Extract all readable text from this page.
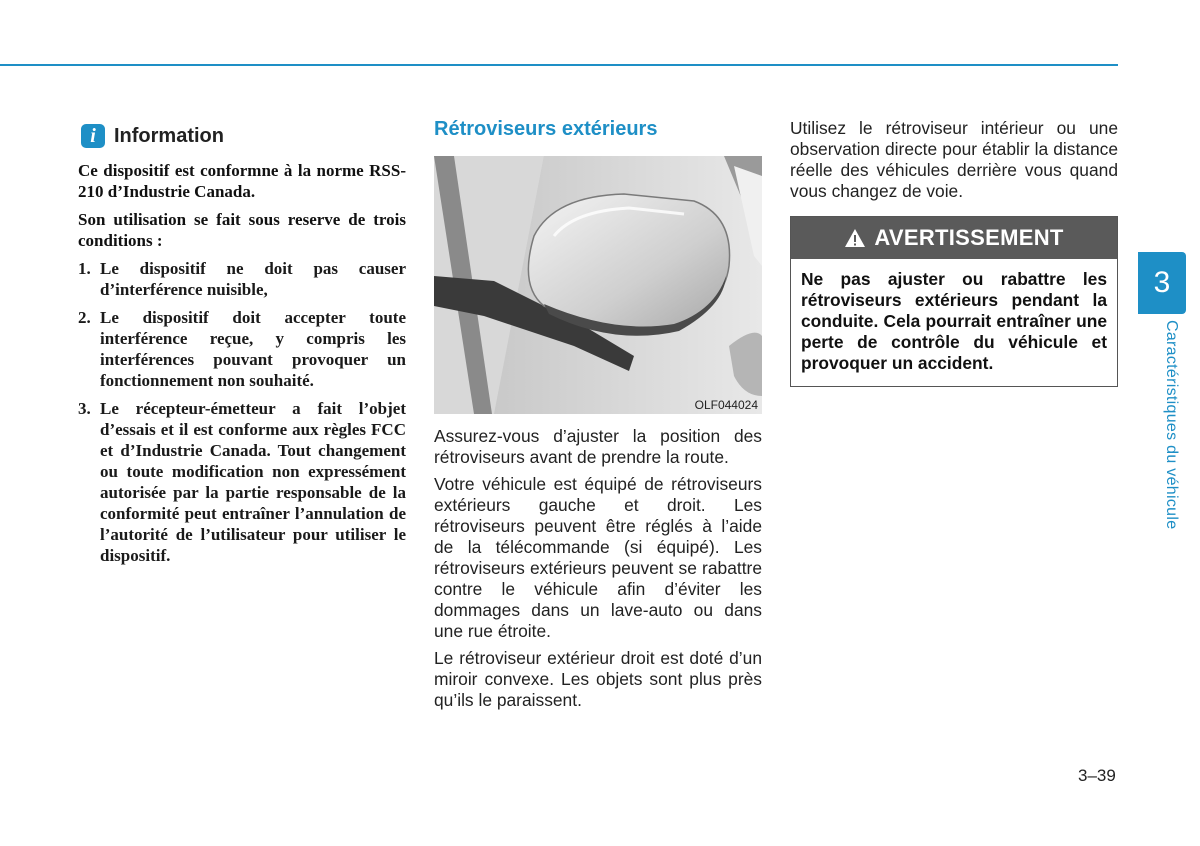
i Information

Ce dispositif est conformne à la norme RSS-210 d’Industrie Canada.

Son utilisation se fait sous reserve de trois conditions :

1. Le dispositif ne doit pas causer d’interférence nuisible,
2. Le dispositif doit accepter toute interférence reçue, y compris les interférences pouvant provoquer un fonctionnement non souhaité.
3. Le récepteur-émetteur a fait l’objet d’essais et il est conforme aux règles FCC et d’Industrie Canada. Tout changement ou toute modification non expressément autorisée par la partie responsable de la conformité peut entraîner l’annulation de l’autorité de l’utilisateur pour utiliser le dispositif.
Rétroviseurs extérieurs
OLF044024

Assurez-vous d’ajuster la position des rétroviseurs avant de prendre la route.

Votre véhicule est équipé de rétroviseurs extérieurs gauche et droit. Les rétroviseurs peuvent être réglés à l’aide de la télécommande (si équipé). Les rétroviseurs extérieurs peuvent se rabattre contre le véhicule afin d’éviter les dommages dans un lave-auto ou dans une rue étroite.

Le rétroviseur extérieur droit est doté d’un miroir convexe. Les objets sont plus près qu’ils le paraissent.

Utilisez le rétroviseur intérieur ou une observation directe pour établir la distance réelle des véhicules derrière vous quand vous changez de voie.

AVERTISSEMENT
Ne pas ajuster ou rabattre les rétroviseurs extérieurs pendant la conduite. Cela pourrait entraîner une perte de contrôle du véhicule et provoquer un accident.
3
Caractéristiques du véhicule
3–39
